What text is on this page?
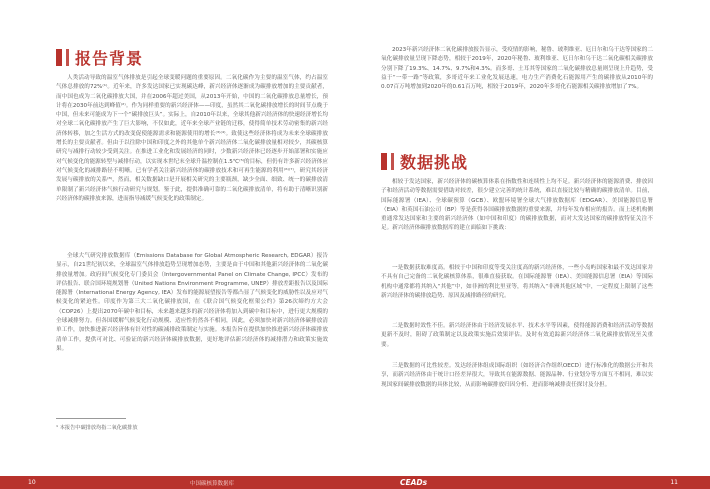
报告背景

人类活动导致的温室气体排放是引起全球变暖问题的重要原因。二氧化碳作为主要的温室气体，约占温室气体总排放的72%⁽¹⁾。近年来，许多发达国家已实现碳达峰，新兴经济体逐渐成为碳排放增加的主要贡献者，而中国也成为二氧化碳排放大国，并在2006年超过美国，从2013年开始，中国的二氧化碳排放总量增长，预计将在2030年前达到峰值⁽²⁾。作为同样重要的新兴经济体——印度，虽然其二氧化碳排放增长的时间节点晚于中国，但未来可能成为下一个“碳排放巨头”。实际上，自2010年以来，全球其他新兴经济体的快速经济增长均对全球二氧化碳排放产生了巨大影响，不仅如此，近年来全球产业链的迁移，使得简单技术劳动密集的新兴经济体转移，加之生活方式的改变促使能源需求和能源使用的增长⁽³⁾⁽⁴⁾。致使这些经济体将成为未来全球碳排放增长的主要贡献者。但由于以往除中国和印度之外的其他单个新兴经济体二氧化碳排放量相对较少，其碳核算研究与减排行动较少受到关注。在推进工业化和发展经济的同时，少数新兴经济体已经逐步开始部署和实施应对气候变化的能源转型与减排行动，以实现本世纪末全球升温控制在1.5℃⁽⁵⁾的目标，但仍有许多新兴经济体应对气候变化的减排路径不明晰。已有学者关注新兴经济体的碳排放技术和可再生能源的利用⁽⁶⁾⁽⁷⁾，研究其经济发展与碳排放的关系⁽⁸⁾，然而，相关数据缺口是开展相关研究的主要瓶颈，缺少全面、细致、统一的碳排放清单限制了新兴经济体气候行动研究与规划。鉴于此，提供准确可靠的二氧化碳排放清单，将有助于清晰识别新兴经济体的碳排放来源，进而指导减缓气候变化的政策制定。

全球大气研究排放数据库（Emissions Database for Global Atmospheric Research, EDGAR）报告显示，自21世纪初以来，全球温室气体排放趋势呈现增加态势，主要是由于中国和其他新兴经济体的二氧化碳排放量增加。政府间气候变化专门委员会（Intergovernmental Panel on Climate Change, IPCC）发布的评估报告、联合国环境规划署（United Nations Environment Programme, UNEP）排放差距报告以及国际能源署（International Energy Agency, IEA）发布的能源展望报告等都凸显了气候变化的威胁性以及应对气候变化的紧迫性。印度作为第三大二氧化碳排放国，在《联合国气候变化框架公约》第26次缔约方大会（COP26）上提出2070年碳中和目标，未来越来越多的新兴经济体将加入到碳中和目标中，进行更大规模的全球减排努力。但各国缓解气候变化行动规模、适应性仍然各不相同，因此，必须加快对新兴经济体碳排放清单工作，加快推进新兴经济体有针对性的碳减排政策制定与实施。本报告旨在提供加快推进新兴经济体碳排放清单工作，提供可对比、可验证的新兴经济体碳排放数据，更好地评估新兴经济体的减排潜力和政策实施效果。

¹ 本报告中碳排放均指二氧化碳排放

2023年新兴经济体二氧化碳排放报告显示，受疫情的影响，秘鲁、玻利维亚、厄日尔和乌干达等国家的二氧化碳排放量呈现下降态势，相较于2019年，2020年秘鲁、玻利维亚、厄日尔和乌干达二氧化碳相关碳排放分别下降了19.3%、14.7%、9.7%和4.3%。而多哥、土耳其等国家的二氧化碳排放总量则呈现上升趋势，受益于“一带一路”等政策，多哥近年来工业化发展迅速，电力生产消费化石能源用产生的碳排放从2010年的0.07百万吨增加到2020年的0.61百万吨，相较于2019年，2020年多哥化石能源相关碳排放增加了7%。

数据挑战

相较于发达国家，新兴经济体的碳核算体系在指数性和连续性上均不足。新兴经济体的能源消费、排放因子和经济活动等数据需要借助对较差，很少建立完善的统计系统，难以直接比较与精确的碳排放清单。目前，国际能源署（IEA）、全球碳预算（GCB）、欧盟环境署全球大气排放数据库（EDGAR）、美国能源信息署（EIA）和英国石油公司（BP）等是获得各国碳排放数据的重要来源，并每年发布相应的报告。而上述机构侧重通常发达国家和主要的新兴经济体（如中国和印度）的碳排放数据，而对大发达国家的碳排放特征关注不足。新兴经济体碳排放数据库的建立面临如下挑战：

一是数据获取难度高。相较于中国和印度等受关注度高的新兴经济体，一些小岛屿国家和最不发达国家并不具有自己完备的二氧化碳核算体系，很难直接获取。在国际能源署（IEA）、美国能源信息署（EIA）等国际机构中通常都将其纳入“其他”中，如非洲的利比里亚等，将其纳入“非洲其他区域”中，一定程度上限制了这些新兴经济体的碳排放趋势、原因及减排路径的研究。

二是数据时效性不佳。新兴经济体由于经济发展水平、技术水平等因素，使得能源消费和经济活动等数据更新不及时，阻碍了政策制定以及政策实施后效果评估。及时有效追踪新兴经济体二氧化碳排放情况至关重要。

三是数据的可比性较差。发达经济体组成国际组织（如经济合作组织OECD）进行标准化的数据公开和共享，而新兴经济体由于统计口径差异很大，导致其在能源数据、能源品种、行业划分等方面互不相同，难以实现国家间碳排放数据的具体比较，从而影响碳排放归因分析、进而影响减排责任探讨及分担。

10	中国碳核算数据库	CEADs	11
